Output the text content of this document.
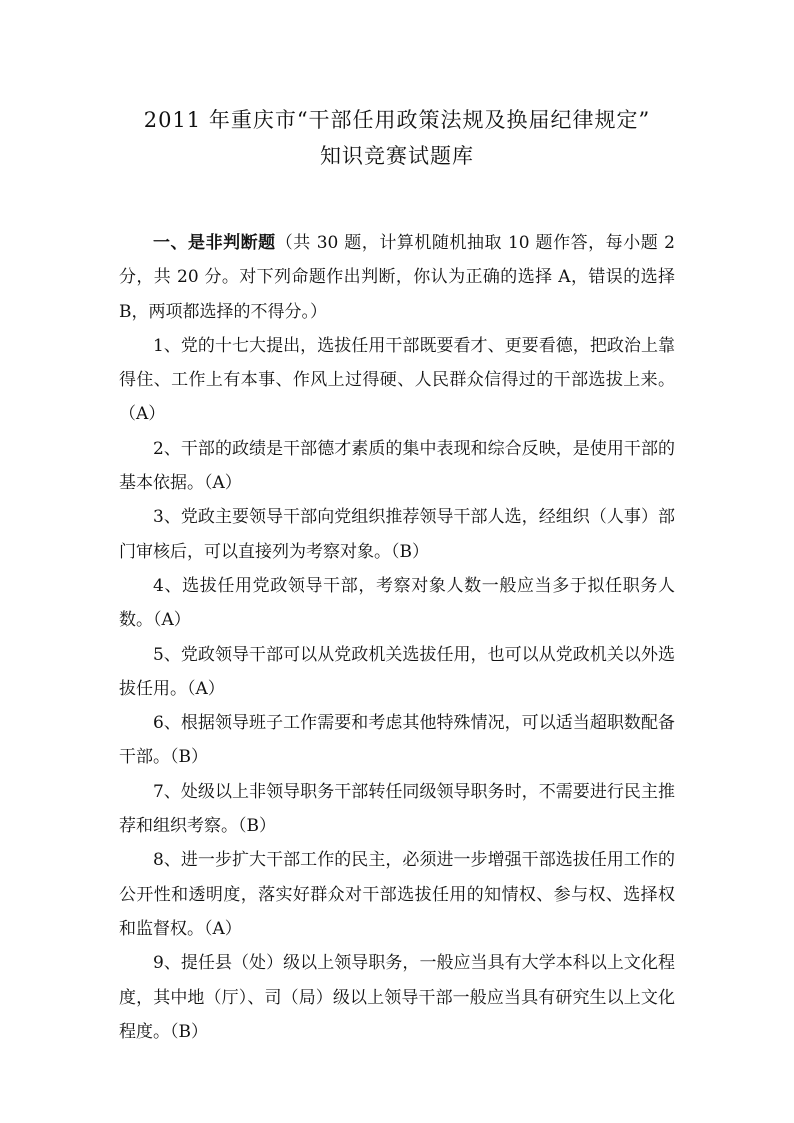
2011 年重庆市“干部任用政策法规及换届纪律规定”
知识竞赛试题库

一、是非判断题（共 30 题，计算机随机抽取 10 题作答，每小题 2 分，共 20 分。对下列命题作出判断，你认为正确的选择 A，错误的选择 B，两项都选择的不得分。）

1、党的十七大提出，选拔任用干部既要看才、更要看德，把政治上靠得住、工作上有本事、作风上过得硬、人民群众信得过的干部选拔上来。（A）

2、干部的政绩是干部德才素质的集中表现和综合反映，是使用干部的基本依据。（A）

3、党政主要领导干部向党组织推荐领导干部人选，经组织（人事）部门审核后，可以直接列为考察对象。（B）

4、选拔任用党政领导干部，考察对象人数一般应当多于拟任职务人数。（A）

5、党政领导干部可以从党政机关选拔任用，也可以从党政机关以外选拔任用。（A）

6、根据领导班子工作需要和考虑其他特殊情况，可以适当超职数配备干部。（B）

7、处级以上非领导职务干部转任同级领导职务时，不需要进行民主推荐和组织考察。（B）

8、进一步扩大干部工作的民主，必须进一步增强干部选拔任用工作的公开性和透明度，落实好群众对干部选拔任用的知情权、参与权、选择权和监督权。（A）

9、提任县（处）级以上领导职务，一般应当具有大学本科以上文化程度，其中地（厅）、司（局）级以上领导干部一般应当具有研究生以上文化程度。（B）
